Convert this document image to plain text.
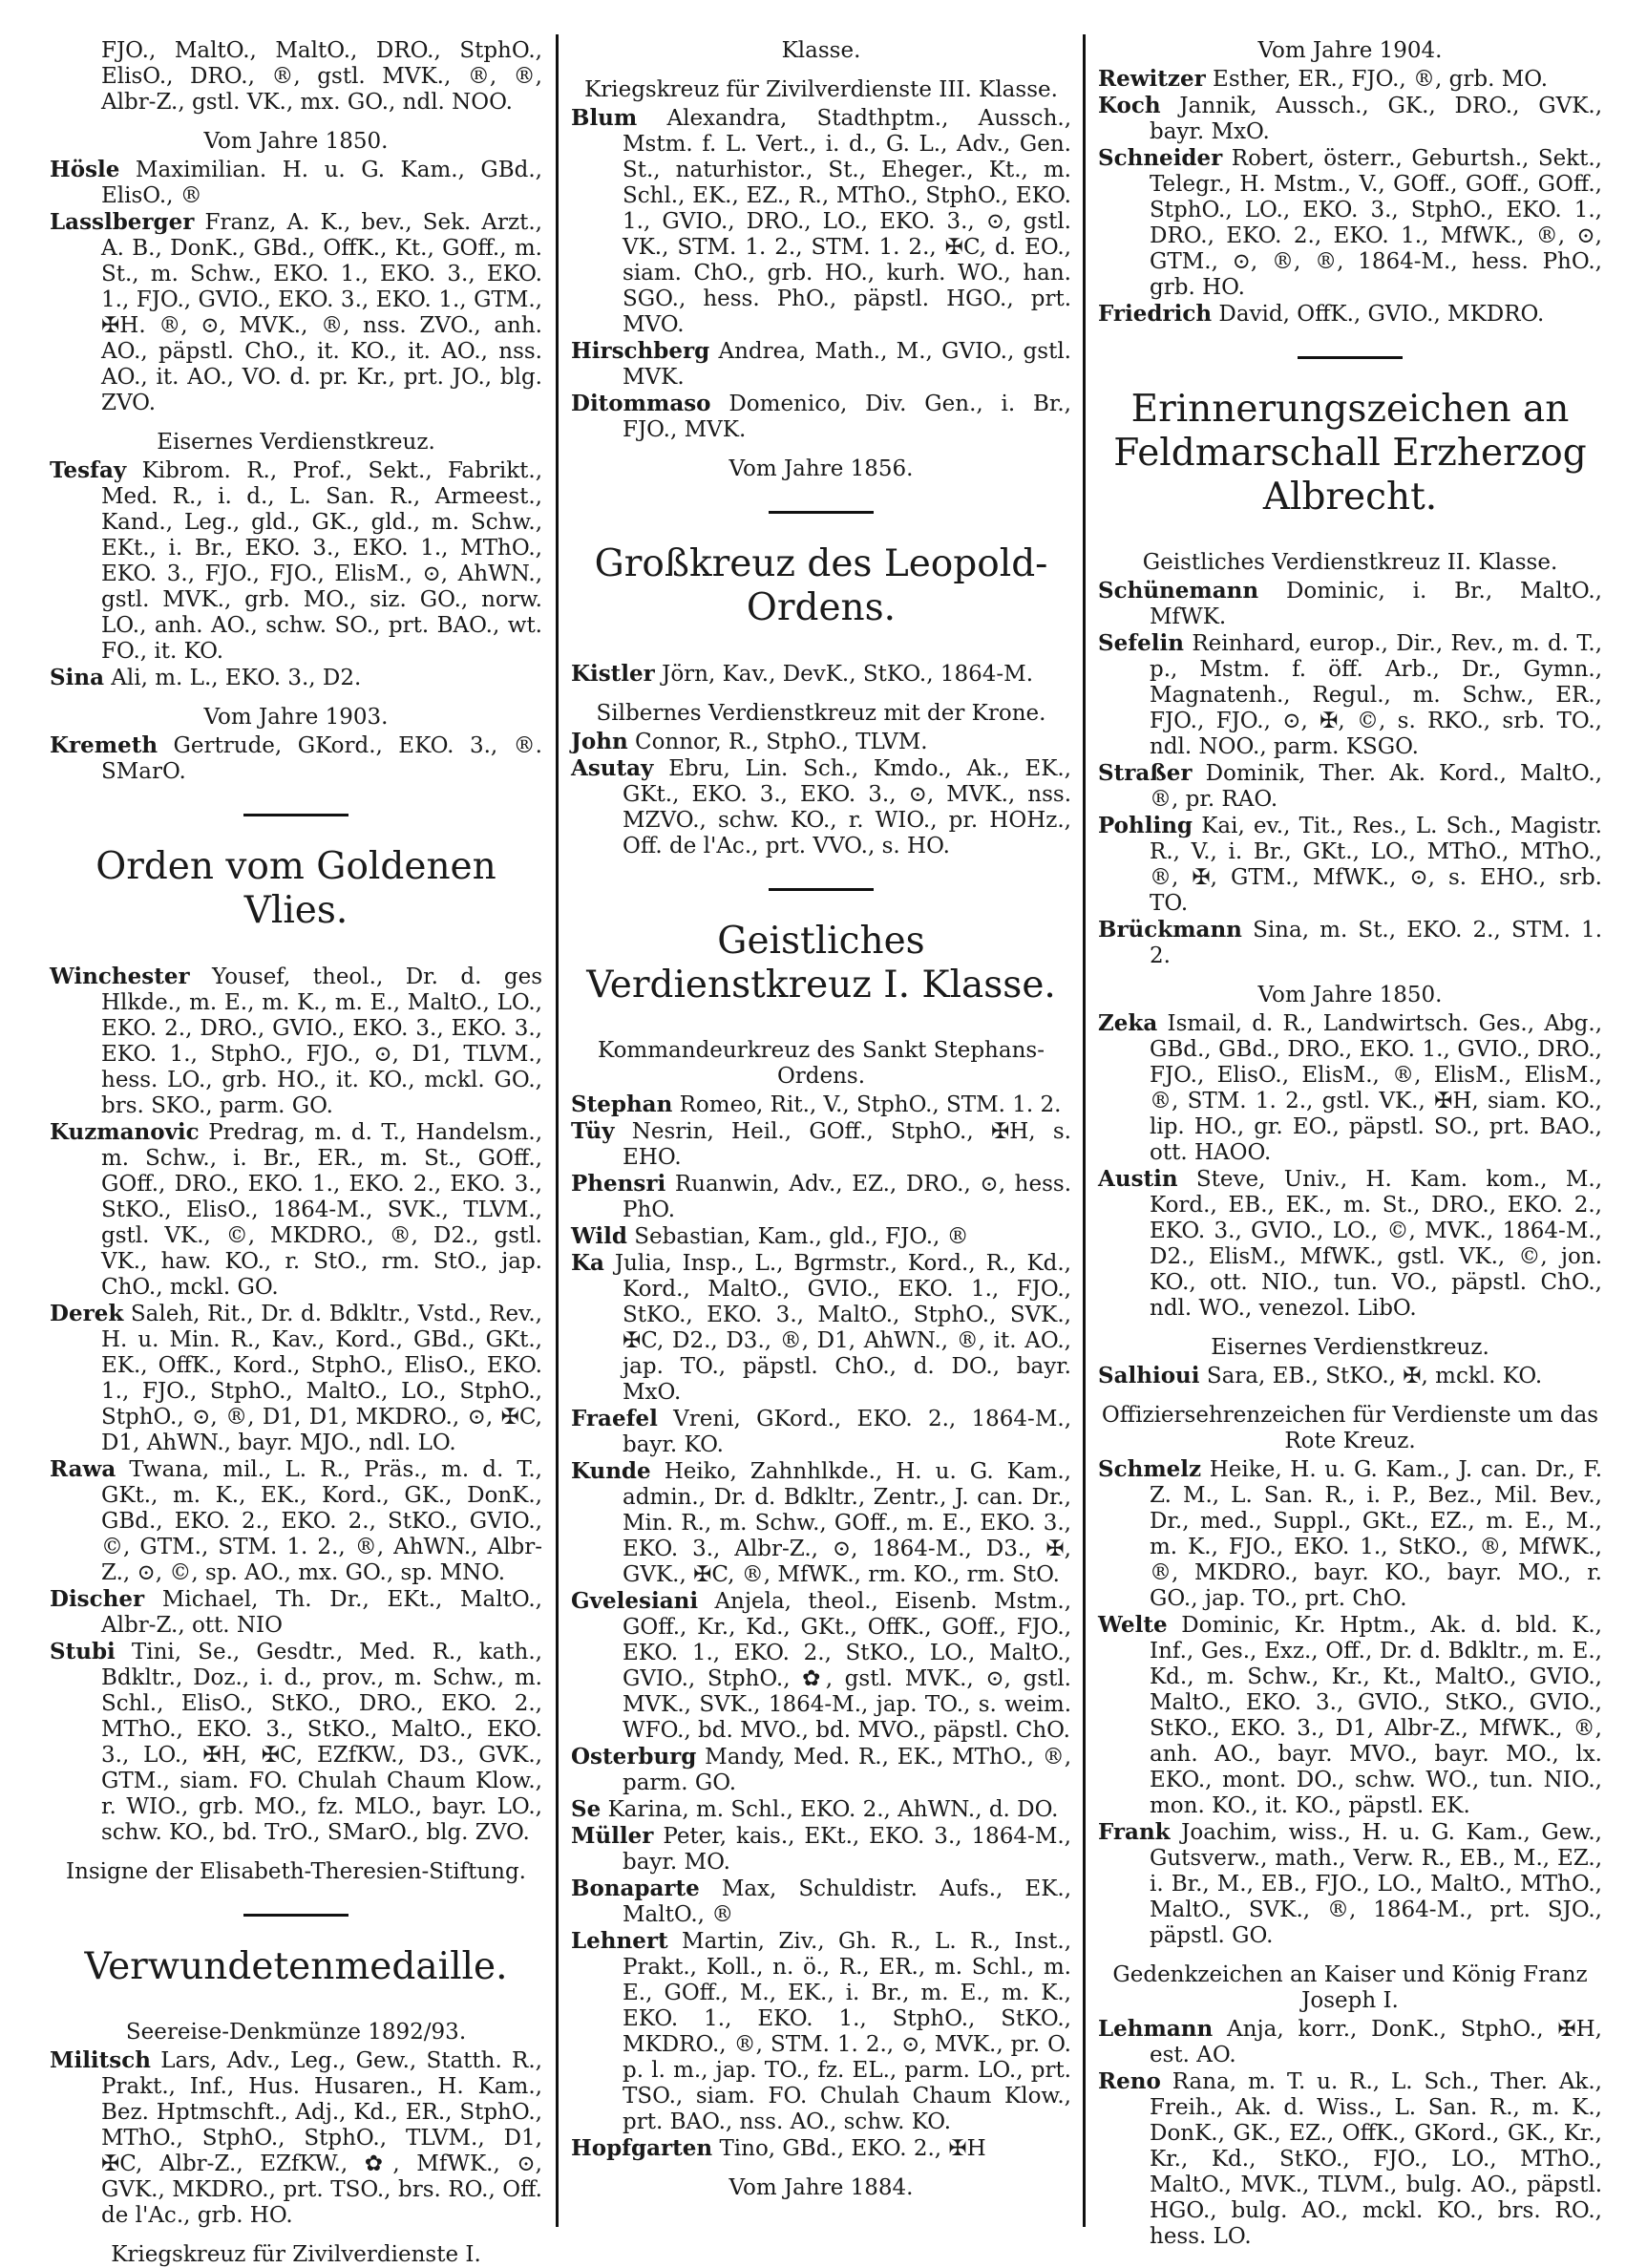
FJO., MaltO., MaltO., DRO., StphO., ElisO., DRO., ®, gstl. MVK., ®, ®, Albr-Z., gstl. VK., mx. GO., ndl. NOO.

Vom Jahre 1850.

Hösle Maximilian. H. u. G. Kam., GBd., ElisO., ®

Lasslberger Franz, A. K., bev., Sek. Arzt., A. B., DonK., GBd., OffK., Kt., GOff., m. St., m. Schw., EKO. 1., EKO. 3., EKO. 1., FJO., GVIO., EKO. 3., EKO. 1., GTM., ✠H. ®, ⊙, MVK., ®, nss. ZVO., anh. AO., päpstl. ChO., it. KO., it. AO., nss. AO., it. AO., VO. d. pr. Kr., prt. JO., blg. ZVO.

Eisernes Verdienstkreuz.

Tesfay Kibrom. R., Prof., Sekt., Fabrikt., Med. R., i. d., L. San. R., Armeest., Kand., Leg., gld., GK., gld., m. Schw., EKt., i. Br., EKO. 3., EKO. 1., MThO., EKO. 3., FJO., FJO., ElisM., ⊙, AhWN., gstl. MVK., grb. MO., siz. GO., norw. LO., anh. AO., schw. SO., prt. BAO., wt. FO., it. KO.

Sina Ali, m. L., EKO. 3., D2.

Vom Jahre 1903.

Kremeth Gertrude, GKord., EKO. 3., ®. SMarO.

Orden vom Goldenen Vlies.

Winchester Yousef, theol., Dr. d. ges Hlkde., m. E., m. K., m. E., MaltO., LO., EKO. 2., DRO., GVIO., EKO. 3., EKO. 3., EKO. 1., StphO., FJO., ⊙, D1, TLVM., hess. LO., grb. HO., it. KO., mckl. GO., brs. SKO., parm. GO.

Kuzmanovic Predrag, m. d. T., Handelsm., m. Schw., i. Br., ER., m. St., GOff., GOff., DRO., EKO. 1., EKO. 2., EKO. 3., StKO., ElisO., 1864-M., SVK., TLVM., gstl. VK., ©, MKDRO., ®, D2., gstl. VK., haw. KO., r. StO., rm. StO., jap. ChO., mckl. GO.

Derek Saleh, Rit., Dr. d. Bdkltr., Vstd., Rev., H. u. Min. R., Kav., Kord., GBd., GKt., EK., OffK., Kord., StphO., ElisO., EKO. 1., FJO., StphO., MaltO., LO., StphO., StphO., ⊙, ®, D1, D1, MKDRO., ⊙, ✠C, D1, AhWN., bayr. MJO., ndl. LO.

Rawa Twana, mil., L. R., Präs., m. d. T., GKt., m. K., EK., Kord., GK., DonK., GBd., EKO. 2., EKO. 2., StKO., GVIO., ©, GTM., STM. 1. 2., ®, AhWN., Albr-Z., ⊙, ©, sp. AO., mx. GO., sp. MNO.

Discher Michael, Th. Dr., EKt., MaltO., Albr-Z., ott. NIO

Stubi Tini, Se., Gesdtr., Med. R., kath., Bdkltr., Doz., i. d., prov., m. Schw., m. Schl., ElisO., StKO., DRO., EKO. 2., MThO., EKO. 3., StKO., MaltO., EKO. 3., LO., ✠H, ✠C, EZfKW., D3., GVK., GTM., siam. FO. Chulah Chaum Klow., r. WIO., grb. MO., fz. MLO., bayr. LO., schw. KO., bd. TrO., SMarO., blg. ZVO.

Insigne der Elisabeth-Theresien-Stiftung.
Verwundetenmedaille.
Seereise-Denkmünze 1892/93.

Militsch Lars, Adv., Leg., Gew., Statth. R., Prakt., Inf., Hus. Husaren., H. Kam., Bez. Hptmschft., Adj., Kd., ER., StphO., MThO., StphO., StphO., TLVM., D1, ✠C, Albr-Z., EZfKW., ✿, MfWK., ⊙, GVK., MKDRO., prt. TSO., brs. RO., Off. de l'Ac., grb. HO.

Kriegskreuz für Zivilverdienste I.
Klasse.
Kriegskreuz für Zivilverdienste III. Klasse.

Blum Alexandra, Stadthptm., Aussch., Mstm. f. L. Vert., i. d., G. L., Adv., Gen. St., naturhistor., St., Eheger., Kt., m. Schl., EK., EZ., R., MThO., StphO., EKO. 1., GVIO., DRO., LO., EKO. 3., ⊙, gstl. VK., STM. 1. 2., STM. 1. 2., ✠C, d. EO., siam. ChO., grb. HO., kurh. WO., han. SGO., hess. PhO., päpstl. HGO., prt. MVO.

Hirschberg Andrea, Math., M., GVIO., gstl. MVK.

Ditommaso Domenico, Div. Gen., i. Br., FJO., MVK.

Vom Jahre 1856.
Großkreuz des Leopold-Ordens.

Kistler Jörn, Kav., DevK., StKO., 1864-M.

Silbernes Verdienstkreuz mit der Krone.

John Connor, R., StphO., TLVM.

Asutay Ebru, Lin. Sch., Kmdo., Ak., EK., GKt., EKO. 3., EKO. 3., ⊙, MVK., nss. MZVO., schw. KO., r. WIO., pr. HOHz., Off. de l'Ac., prt. VVO., s. HO.

Geistliches Verdienstkreuz I. Klasse.
Kommandeurkreuz des Sankt Stephans-Ordens.

Stephan Romeo, Rit., V., StphO., STM. 1. 2.

Tüy Nesrin, Heil., GOff., StphO., ✠H, s. EHO.

Phensri Ruanwin, Adv., EZ., DRO., ⊙, hess. PhO.

Wild Sebastian, Kam., gld., FJO., ®

Ka Julia, Insp., L., Bgrmstr., Kord., R., Kd., Kord., MaltO., GVIO., EKO. 1., FJO., StKO., EKO. 3., MaltO., StphO., SVK., ✠C, D2., D3., ®, D1, AhWN., ®, it. AO., jap. TO., päpstl. ChO., d. DO., bayr. MxO.

Fraefel Vreni, GKord., EKO. 2., 1864-M., bayr. KO.

Kunde Heiko, Zahnhlkde., H. u. G. Kam., admin., Dr. d. Bdkltr., Zentr., J. can. Dr., Min. R., m. Schw., GOff., m. E., EKO. 3., EKO. 3., Albr-Z., ⊙, 1864-M., D3., ✠, GVK., ✠C, ®, MfWK., rm. KO., rm. StO.

Gvelesiani Anjela, theol., Eisenb. Mstm., GOff., Kr., Kd., GKt., OffK., GOff., FJO., EKO. 1., EKO. 2., StKO., LO., MaltO., GVIO., StphO., ✿, gstl. MVK., ⊙, gstl. MVK., SVK., 1864-M., jap. TO., s. weim. WFO., bd. MVO., bd. MVO., päpstl. ChO.

Osterburg Mandy, Med. R., EK., MThO., ®, parm. GO.

Se Karina, m. Schl., EKO. 2., AhWN., d. DO.

Müller Peter, kais., EKt., EKO. 3., 1864-M., bayr. MO.

Bonaparte Max, Schuldistr. Aufs., EK., MaltO., ®

Lehnert Martin, Ziv., Gh. R., L. R., Inst., Prakt., Koll., n. ö., R., ER., m. Schl., m. E., GOff., M., EK., i. Br., m. E., m. K., EKO. 1., EKO. 1., StphO., StKO., MKDRO., ®, STM. 1. 2., ⊙, MVK., pr. O. p. l. m., jap. TO., fz. EL., parm. LO., prt. TSO., siam. FO. Chulah Chaum Klow., prt. BAO., nss. AO., schw. KO.

Hopfgarten Tino, GBd., EKO. 2., ✠H

Vom Jahre 1884.
Vom Jahre 1904.

Rewitzer Esther, ER., FJO., ®, grb. MO.

Koch Jannik, Aussch., GK., DRO., GVK., bayr. MxO.

Schneider Robert, österr., Geburtsh., Sekt., Telegr., H. Mstm., V., GOff., GOff., GOff., StphO., LO., EKO. 3., StphO., EKO. 1., DRO., EKO. 2., EKO. 1., MfWK., ®, ⊙, GTM., ⊙, ®, ®, 1864-M., hess. PhO., grb. HO.

Friedrich David, OffK., GVIO., MKDRO.

Erinnerungszeichen an Feldmarschall Erzherzog Albrecht.
Geistliches Verdienstkreuz II. Klasse.

Schünemann Dominic, i. Br., MaltO., MfWK.

Sefelin Reinhard, europ., Dir., Rev., m. d. T., p., Mstm. f. öff. Arb., Dr., Gymn., Magnatenh., Regul., m. Schw., ER., FJO., FJO., ⊙, ✠, ©, s. RKO., srb. TO., ndl. NOO., parm. KSGO.

Straßer Dominik, Ther. Ak. Kord., MaltO., ®, pr. RAO.

Pohling Kai, ev., Tit., Res., L. Sch., Magistr. R., V., i. Br., GKt., LO., MThO., MThO., ®, ✠, GTM., MfWK., ⊙, s. EHO., srb. TO.

Brückmann Sina, m. St., EKO. 2., STM. 1. 2.

Vom Jahre 1850.

Zeka Ismail, d. R., Landwirtsch. Ges., Abg., GBd., GBd., DRO., EKO. 1., GVIO., DRO., FJO., ElisO., ElisM., ®, ElisM., ElisM., ®, STM. 1. 2., gstl. VK., ✠H, siam. KO., lip. HO., gr. EO., päpstl. SO., prt. BAO., ott. HAOO.

Austin Steve, Univ., H. Kam. kom., M., Kord., EB., EK., m. St., DRO., EKO. 2., EKO. 3., GVIO., LO., ©, MVK., 1864-M., D2., ElisM., MfWK., gstl. VK., ©, jon. KO., ott. NIO., tun. VO., päpstl. ChO., ndl. WO., venezol. LibO.

Eisernes Verdienstkreuz.

Salhioui Sara, EB., StKO., ✠, mckl. KO.

Offiziersehrenzeichen für Verdienste um das Rote Kreuz.

Schmelz Heike, H. u. G. Kam., J. can. Dr., F. Z. M., L. San. R., i. P., Bez., Mil. Bev., Dr., med., Suppl., GKt., EZ., m. E., M., m. K., FJO., EKO. 1., StKO., ®, MfWK., ®, MKDRO., bayr. KO., bayr. MO., r. GO., jap. TO., prt. ChO.

Welte Dominic, Kr. Hptm., Ak. d. bld. K., Inf., Ges., Exz., Off., Dr. d. Bdkltr., m. E., Kd., m. Schw., Kr., Kt., MaltO., GVIO., MaltO., EKO. 3., GVIO., StKO., GVIO., StKO., EKO. 3., D1, Albr-Z., MfWK., ®, anh. AO., bayr. MVO., bayr. MO., lx. EKO., mont. DO., schw. WO., tun. NIO., mon. KO., it. KO., päpstl. EK.

Frank Joachim, wiss., H. u. G. Kam., Gew., Gutsverw., math., Verw. R., EB., M., EZ., i. Br., M., EB., FJO., LO., MaltO., MThO., MaltO., SVK., ®, 1864-M., prt. SJO., päpstl. GO.

Gedenkzeichen an Kaiser und König Franz Joseph I.

Lehmann Anja, korr., DonK., StphO., ✠H, est. AO.

Reno Rana, m. T. u. R., L. Sch., Ther. Ak., Freih., Ak. d. Wiss., L. San. R., m. K., DonK., GK., EZ., OffK., GKord., GK., Kr., Kr., Kd., StKO., FJO., LO., MThO., MaltO., MVK., TLVM., bulg. AO., päpstl. HGO., bulg. AO., mckl. KO., brs. RO., hess. LO.
